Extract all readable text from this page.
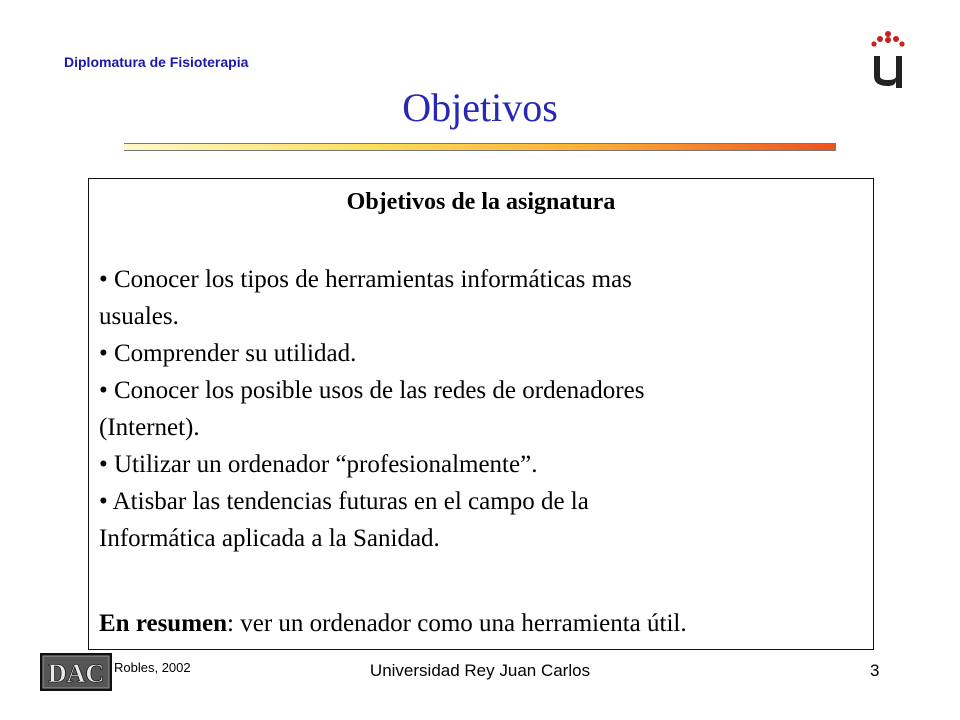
Diplomatura de Fisioterapia
Objetivos
Objetivos de la asignatura
• Conocer los tipos de herramientas informáticas mas
usuales.
• Comprender su utilidad.
• Conocer los posible usos de las redes de ordenadores
(Internet).
• Utilizar un ordenador “profesionalmente”.
• Atisbar las tendencias futuras en el campo de la
Informática aplicada a la Sanidad.
En resumen: ver un ordenador como una herramienta útil.
DAC Robles, 2002	Universidad Rey Juan Carlos	3
